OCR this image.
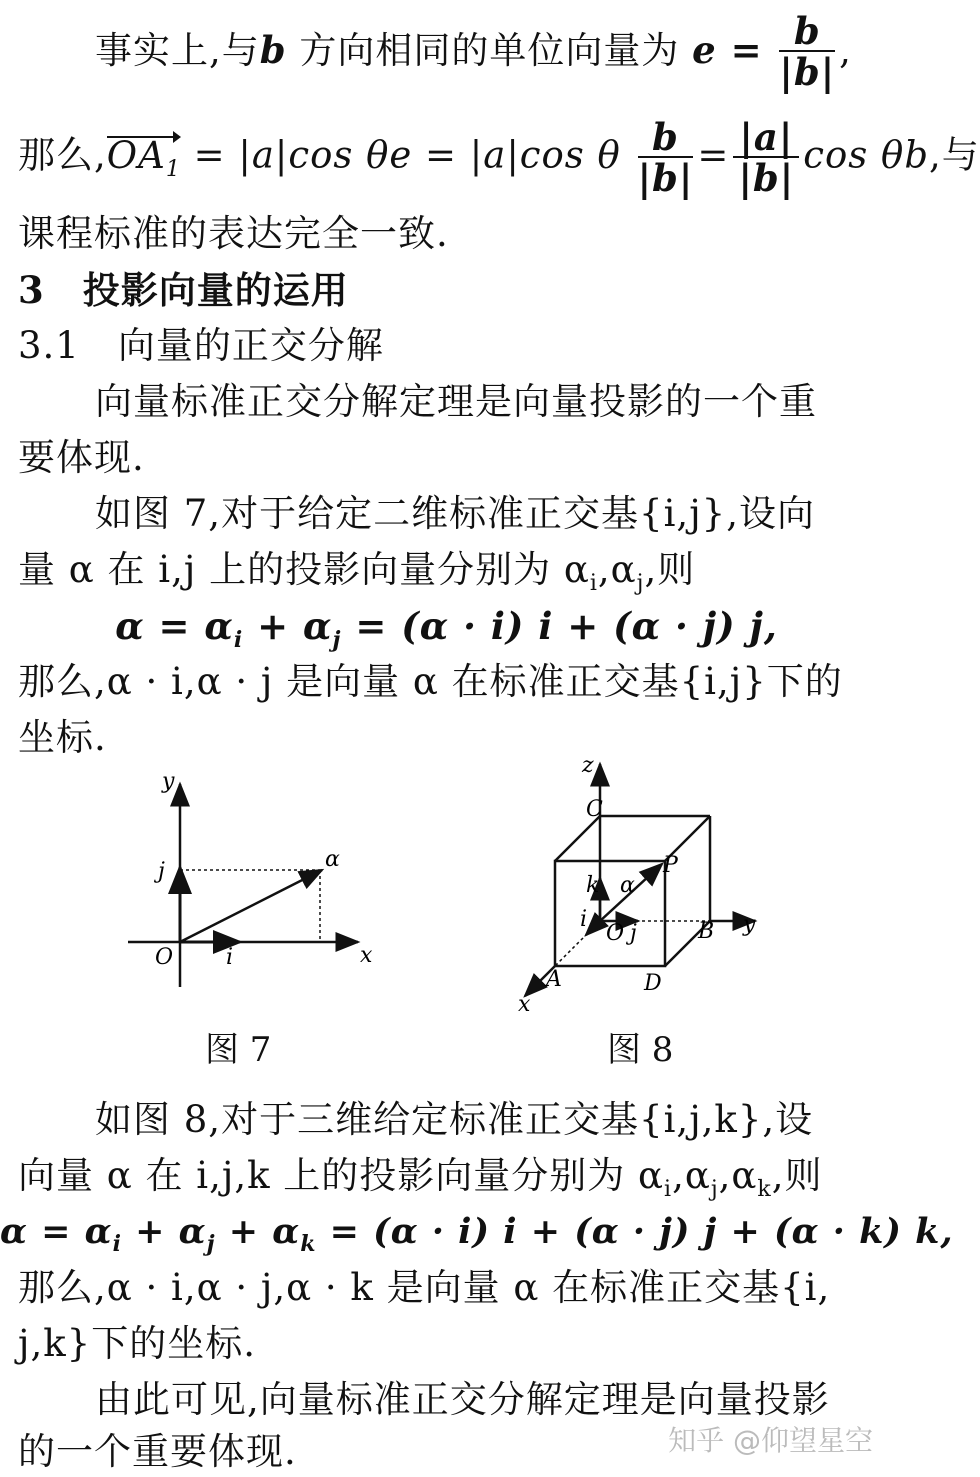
事实上,与b 方向相同的单位向量为 $e = \frac{b}{|b|}$ ,
那么$,OA_1 = |a|\cos$ θe = |a|cos θ $\frac{b}{|b|} = \frac{|a|}{|b|}$ cos θb,与
课程标准的表达完全一致.
3　投影向量的运用
3.1　向量的正交分解
向量标准正交分解定理是向量投影的一个重
要体现.
如图 7,对于给定二维标准正交基{i,j},设向
量 α 在 i,j 上的投影向量分别为 $\alpha_i,\alpha_j$,则
$\alpha = \alpha_i + \alpha_j = (\alpha \cdot i) i + (\alpha \cdot j)$ j,
那么,α · i,α · j 是向量 α 在标准正交基{i,j}下的
坐标.
y
x
O i
j	α
z
C
P
k α
i
O j	B y
A	D
x
图 7	图 8
如图 8,对于三维给定标准正交基{i,j,k},设
向量 α 在 i,j,k 上的投影向量分别为 $\alpha_i,\alpha_j,\alpha_k$,则
$\alpha = \alpha_i + \alpha_j + \alpha_k = (\alpha \cdot i) i + (\alpha \cdot j) j + (\alpha \cdot k)$ k,
那么,α · i,α · j,α · k 是向量 α 在标准正交基{i,
j,k}下的坐标.
由此可见,向量标准正交分解定理是向量投影
的一个重要体现.	知乎 @仰望星空
